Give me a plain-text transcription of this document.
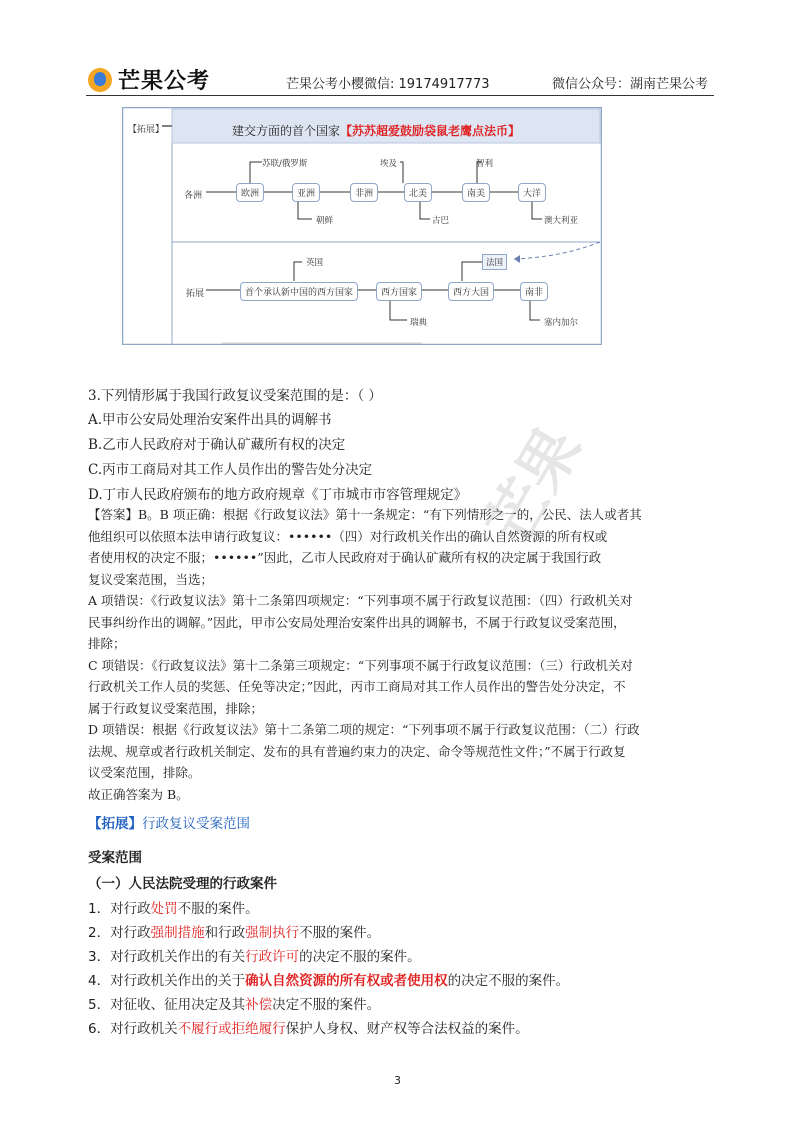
芒果公考	芒果公考小樱微信: 19174917773	微信公众号：湖南芒果公考
【拓展】	建交方面的首个国家【苏苏超爱鼓励袋鼠老鹰点法币】
各洲	欧洲	亚洲	非洲	北美	南美	大洋
苏联/俄罗斯	埃及	智利
朝鲜	古巴	澳大利亚
拓展	首个承认新中国的西方国家	西方国家	西方大国	南非
英国	法国
瑞典	塞内加尔
芒果
3.下列情形属于我国行政复议受案范围的是：（ ）
A.甲市公安局处理治安案件出具的调解书
B.乙市人民政府对于确认矿藏所有权的决定
C.丙市工商局对其工作人员作出的警告处分决定
D.丁市人民政府颁布的地方政府规章《丁市城市市容管理规定》
【答案】B。B 项正确：根据《行政复议法》第十一条规定：“有下列情形之一的，公民、法人或者其
他组织可以依照本法申请行政复议：••••••（四）对行政机关作出的确认自然资源的所有权或
者使用权的决定不服；••••••”因此，乙市人民政府对于确认矿藏所有权的决定属于我国行政
复议受案范围，当选；
A 项错误：《行政复议法》第十二条第四项规定：“下列事项不属于行政复议范围：（四）行政机关对
民事纠纷作出的调解。”因此，甲市公安局处理治安案件出具的调解书，不属于行政复议受案范围，
排除；
C 项错误：《行政复议法》第十二条第三项规定：“下列事项不属于行政复议范围：（三）行政机关对
行政机关工作人员的奖惩、任免等决定；”因此，丙市工商局对其工作人员作出的警告处分决定，不
属于行政复议受案范围，排除；
D 项错误：根据《行政复议法》第十二条第二项的规定：“下列事项不属于行政复议范围：（二）行政
法规、规章或者行政机关制定、发布的具有普遍约束力的决定、命令等规范性文件；”不属于行政复
议受案范围，排除。
故正确答案为 B。
【拓展】行政复议受案范围
受案范围
（一）人民法院受理的行政案件
1．对行政处罚不服的案件。
2．对行政强制措施和行政强制执行不服的案件。
3．对行政机关作出的有关行政许可的决定不服的案件。
4．对行政机关作出的关于确认自然资源的所有权或者使用权的决定不服的案件。
5．对征收、征用决定及其补偿决定不服的案件。
6．对行政机关不履行或拒绝履行保护人身权、财产权等合法权益的案件。
3
